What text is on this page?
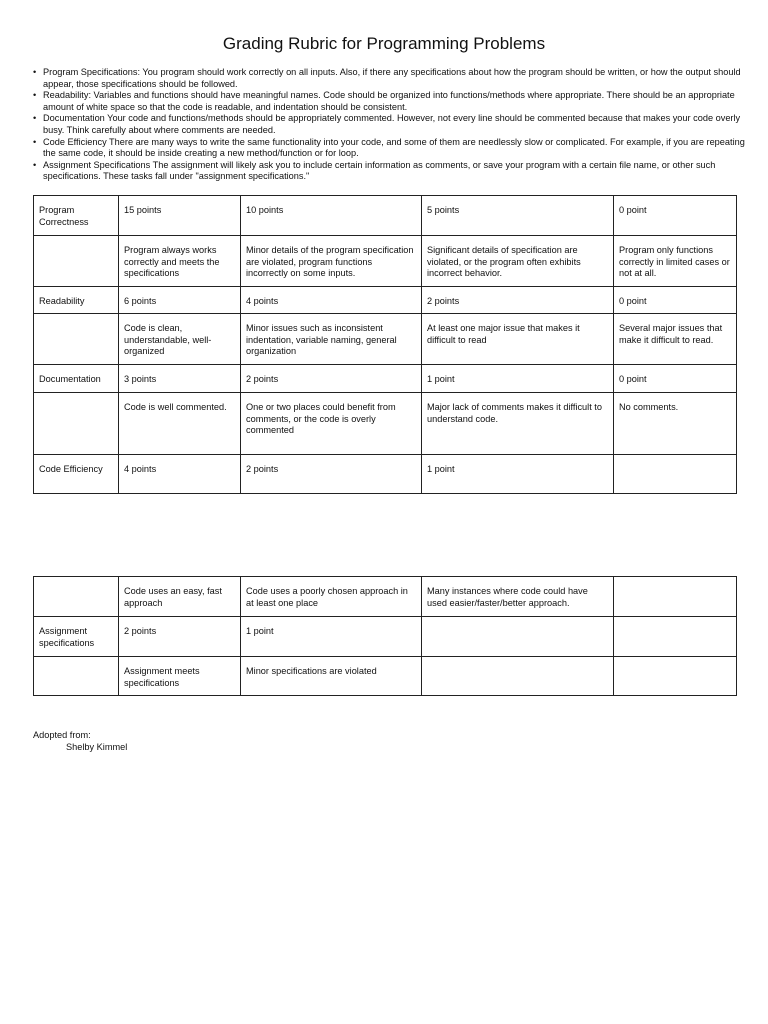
Grading Rubric for Programming Problems
• Program Specifications: You program should work correctly on all inputs. Also, if there any specifications about how the program should be written, or how the output should appear, those specifications should be followed.
• Readability: Variables and functions should have meaningful names. Code should be organized into functions/methods where appropriate. There should be an appropriate amount of white space so that the code is readable, and indentation should be consistent.
• Documentation Your code and functions/methods should be appropriately commented. However, not every line should be commented because that makes your code overly busy. Think carefully about where comments are needed.
• Code Efficiency There are many ways to write the same functionality into your code, and some of them are needlessly slow or complicated. For example, if you are repeating the same code, it should be inside creating a new method/function or for loop.
• Assignment Specifications The assignment will likely ask you to include certain information as comments, or save your program with a certain file name, or other such specifications. These tasks fall under "assignment specifications."
Program Correctness	15 points	10 points	5 points	0 point
	Program always works correctly and meets the specifications	Minor details of the program specification are violated, program functions incorrectly on some inputs.	Significant details of specification are violated, or the program often exhibits incorrect behavior.	Program only functions correctly in limited cases or not at all.
Readability	6 points	4 points	2 points	0 point
	Code is clean, understandable, well-organized	Minor issues such as inconsistent indentation, variable naming, general organization	At least one major issue that makes it difficult to read	Several major issues that make it difficult to read.
Documentation	3 points	2 points	1 point	0 point
	Code is well commented.	One or two places could benefit from comments, or the code is overly commented	Major lack of comments makes it difficult to understand code.	No comments.
Code Efficiency	4 points	2 points	1 point	
	Code uses an easy, fast approach	Code uses a poorly chosen approach in at least one place	Many instances where code could have used easier/faster/better approach.	
Assignment specifications	2 points	1 point		
	Assignment meets specifications	Minor specifications are violated		
Adopted from:
Shelby Kimmel
